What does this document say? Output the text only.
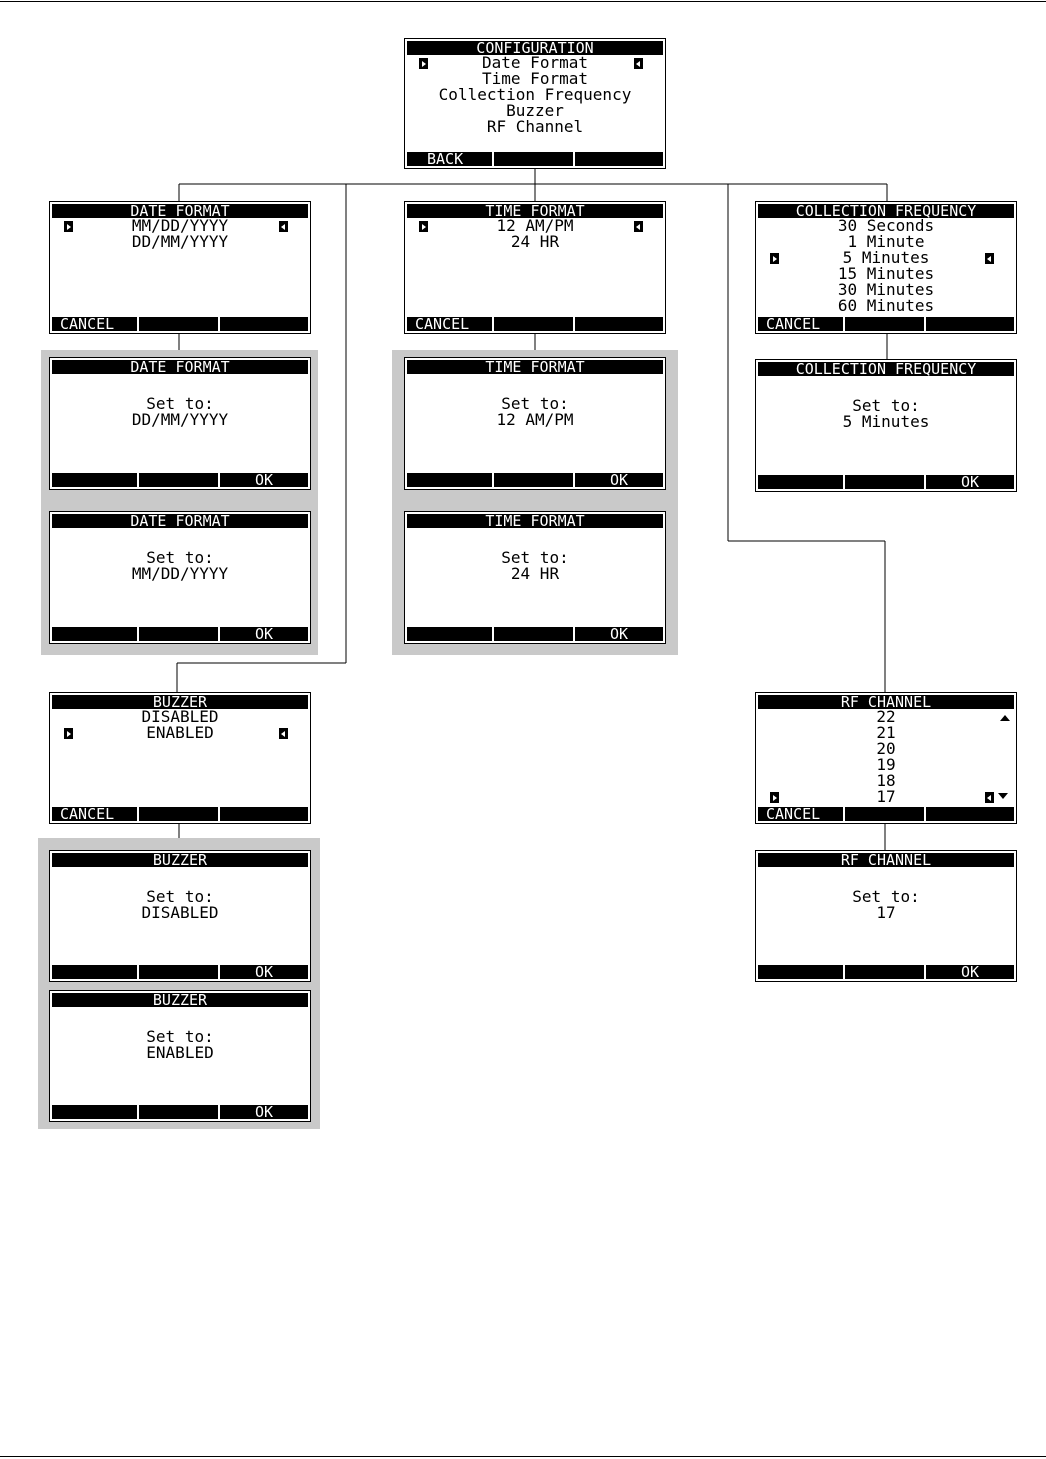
CONFIGURATION
Date Format
Time Format
Collection Frequency
Buzzer
RF Channel
BACK
DATE FORMAT
MM/DD/YYYY
DD/MM/YYYY
CANCEL
TIME FORMAT
12 AM/PM
24 HR
CANCEL
COLLECTION FREQUENCY
30 Seconds
1 Minute
5 Minutes
15 Minutes
30 Minutes
60 Minutes
CANCEL
DATE FORMAT
Set to:
DD/MM/YYYY
OK
DATE FORMAT
Set to:
MM/DD/YYYY
OK
TIME FORMAT
Set to:
12 AM/PM
OK
TIME FORMAT
Set to:
24 HR
OK
COLLECTION FREQUENCY
Set to:
5 Minutes
OK
BUZZER
DISABLED
ENABLED
CANCEL
RF CHANNEL
22
21
20
19
18
17
CANCEL
BUZZER
Set to:
DISABLED
OK
BUZZER
Set to:
ENABLED
OK
RF CHANNEL
Set to:
17
OK
